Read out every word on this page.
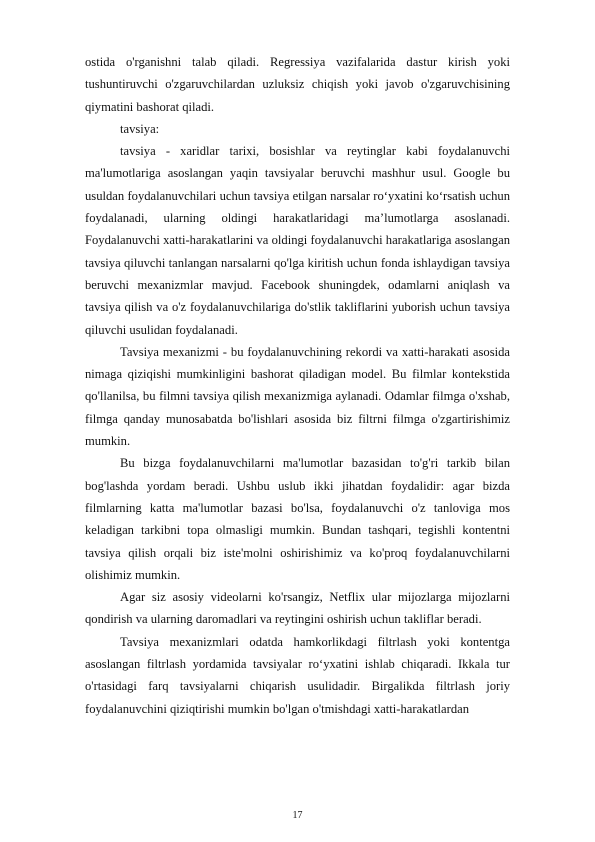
ostida o'rganishni talab qiladi. Regressiya vazifalarida dastur kirish yoki tushuntiruvchi o'zgaruvchilardan uzluksiz chiqish yoki javob o'zgaruvchisining qiymatini bashorat qiladi.

tavsiya:

tavsiya - xaridlar tarixi, bosishlar va reytinglar kabi foydalanuvchi ma'lumotlariga asoslangan yaqin tavsiyalar beruvchi mashhur usul. Google bu usuldan foydalanuvchilari uchun tavsiya etilgan narsalar ro‘yxatini ko‘rsatish uchun foydalanadi, ularning oldingi harakatlaridagi ma’lumotlarga asoslanadi. Foydalanuvchi xatti-harakatlarini va oldingi foydalanuvchi harakatlariga asoslangan tavsiya qiluvchi tanlangan narsalarni qo'lga kiritish uchun fonda ishlaydigan tavsiya beruvchi mexanizmlar mavjud. Facebook shuningdek, odamlarni aniqlash va tavsiya qilish va o'z foydalanuvchilariga do'stlik takliflarini yuborish uchun tavsiya qiluvchi usulidan foydalanadi.

Tavsiya mexanizmi - bu foydalanuvchining rekordi va xatti-harakati asosida nimaga qiziqishi mumkinligini bashorat qiladigan model. Bu filmlar kontekstida qo'llanilsa, bu filmni tavsiya qilish mexanizmiga aylanadi. Odamlar filmga o'xshab, filmga qanday munosabatda bo'lishlari asosida biz filtrni filmga o'zgartirishimiz mumkin.

Bu bizga foydalanuvchilarni ma'lumotlar bazasidan to'g'ri tarkib bilan bog'lashda yordam beradi. Ushbu uslub ikki jihatdan foydalidir: agar bizda filmlarning katta ma'lumotlar bazasi bo'lsa, foydalanuvchi o'z tanloviga mos keladigan tarkibni topa olmasligi mumkin. Bundan tashqari, tegishli kontentni tavsiya qilish orqali biz iste'molni oshirishimiz va ko'proq foydalanuvchilarni olishimiz mumkin.

Agar siz asosiy videolarni ko'rsangiz, Netflix ular mijozlarga mijozlarni qondirish va ularning daromadlari va reytingini oshirish uchun takliflar beradi.

Tavsiya mexanizmlari odatda hamkorlikdagi filtrlash yoki kontentga asoslangan filtrlash yordamida tavsiyalar ro‘yxatini ishlab chiqaradi. Ikkala tur o'rtasidagi farq tavsiyalarni chiqarish usulidadir. Birgalikda filtrlash joriy foydalanuvchini qiziqtirishi mumkin bo'lgan o'tmishdagi xatti-harakatlardan

17
